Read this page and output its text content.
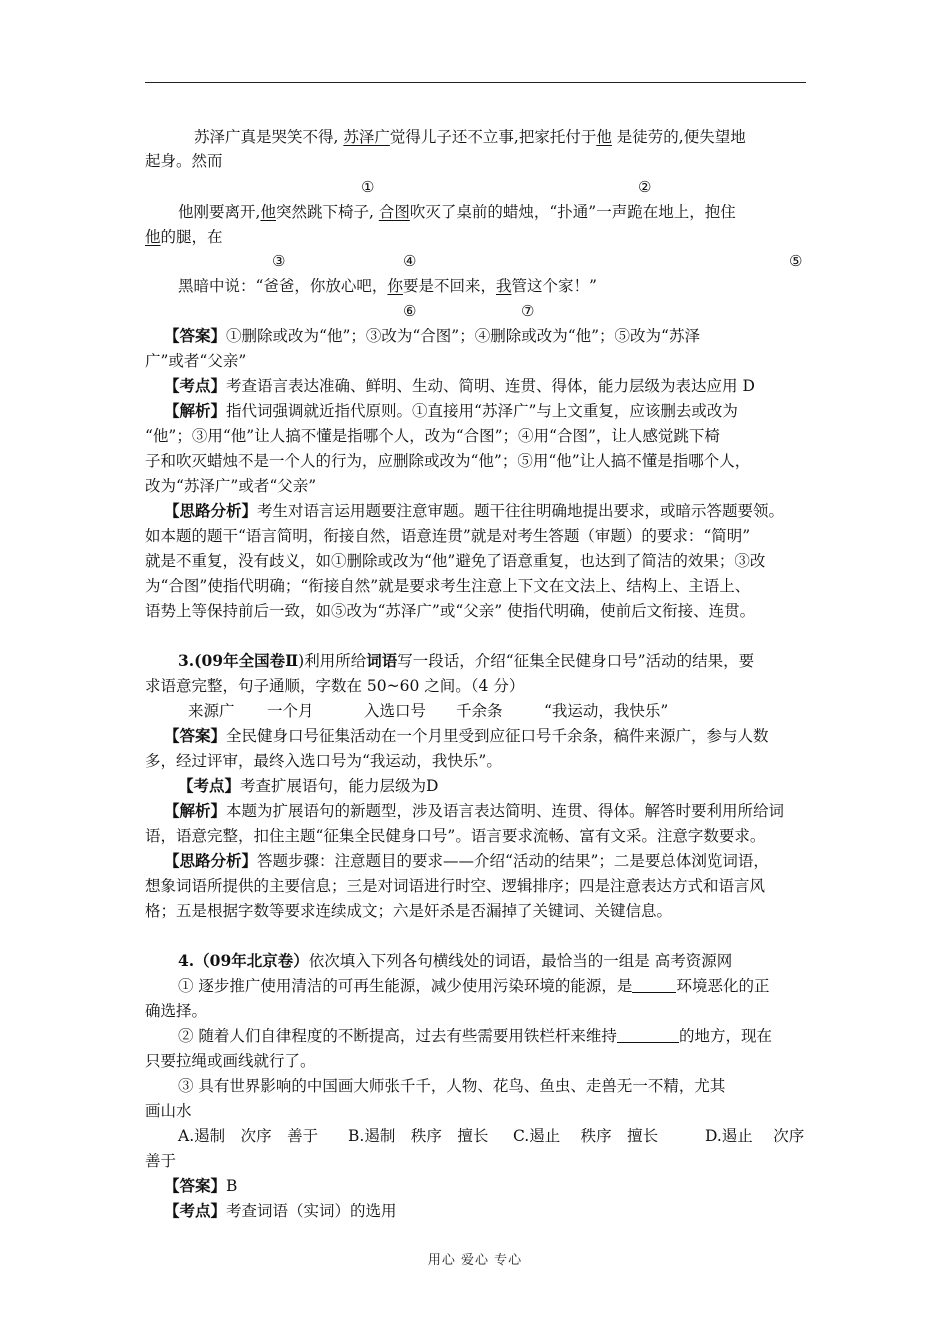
苏泽广真是哭笑不得, 苏泽广觉得儿子还不立事,把家托付于他 是徒劳的,便失望地
起身。然而
①	②
他刚要离开,他突然跳下椅子, 合图吹灭了桌前的蜡烛，“扑通”一声跪在地上，抱住
他的腿，在
③	④	⑤
黑暗中说：“爸爸，你放心吧，你要是不回来，我管这个家！”
⑥	⑦
【答案】①删除或改为“他”；③改为“合图”；④删除或改为“他”；⑤改为“苏泽
广”或者“父亲”
【考点】考查语言表达准确、鲜明、生动、简明、连贯、得体，能力层级为表达应用 D
【解析】指代词强调就近指代原则。①直接用“苏泽广”与上文重复，应该删去或改为
“他”；③用“他”让人搞不懂是指哪个人，改为“合图”；④用“合图”，让人感觉跳下椅
子和吹灭蜡烛不是一个人的行为，应删除或改为“他”；⑤用“他”让人搞不懂是指哪个人，
改为“苏泽广”或者“父亲”
【思路分析】考生对语言运用题要注意审题。题干往往明确地提出要求，或暗示答题要领。
如本题的题干“语言简明，衔接自然，语意连贯”就是对考生答题（审题）的要求：“简明”
就是不重复，没有歧义，如①删除或改为“他”避免了语意重复，也达到了简洁的效果；③改
为“合图”使指代明确；“衔接自然”就是要求考生注意上下文在文法上、结构上、主语上、
语势上等保持前后一致，如⑤改为“苏泽广”或“父亲” 使指代明确，使前后文衔接、连贯。
3.(09年全国卷Ⅱ)利用所给词语写一段话，介绍“征集全民健身口号”活动的结果，要
求语意完整，句子通顺，字数在 50~60 之间。（4 分）
来源广 一个月	入选口号 千余条	“我运动，我快乐”
【答案】全民健身口号征集活动在一个月里受到应征口号千余条，稿件来源广，参与人数
多，经过评审，最终入选口号为“我运动，我快乐”。
【考点】考查扩展语句，能力层级为D
【解析】本题为扩展语句的新题型，涉及语言表达简明、连贯、得体。解答时要利用所给词
语，语意完整，扣住主题“征集全民健身口号”。语言要求流畅、富有文采。注意字数要求。
【思路分析】答题步骤：注意题目的要求——介绍“活动的结果”；二是要总体浏览词语，
想象词语所提供的主要信息；三是对词语进行时空、逻辑排序；四是注意表达方式和语言风
格；五是根据字数等要求连续成文；六是奸杀是否漏掉了关键词、关键信息。
4.（09年北京卷）依次填入下列各句横线处的词语，最恰当的一组是 高考资源网
① 逐步推广使用清洁的可再生能源，减少使用污染环境的能源，是	环境恶化的正
确选择。
② 随着人们自律程度的不断提高，过去有些需要用铁栏杆来维持	的地方，现在
只要拉绳或画线就行了。
③ 具有世界影响的中国画大师张千千，人物、花鸟、鱼虫、走兽无一不精，尤其
画山水
A.遏制　次序　善于 B.遏制　秩序　擅长 C.遏止　 秩序　擅长	D.遏止　 次序
善于
【答案】B
【考点】考查词语（实词）的选用
用心 爱心 专心
